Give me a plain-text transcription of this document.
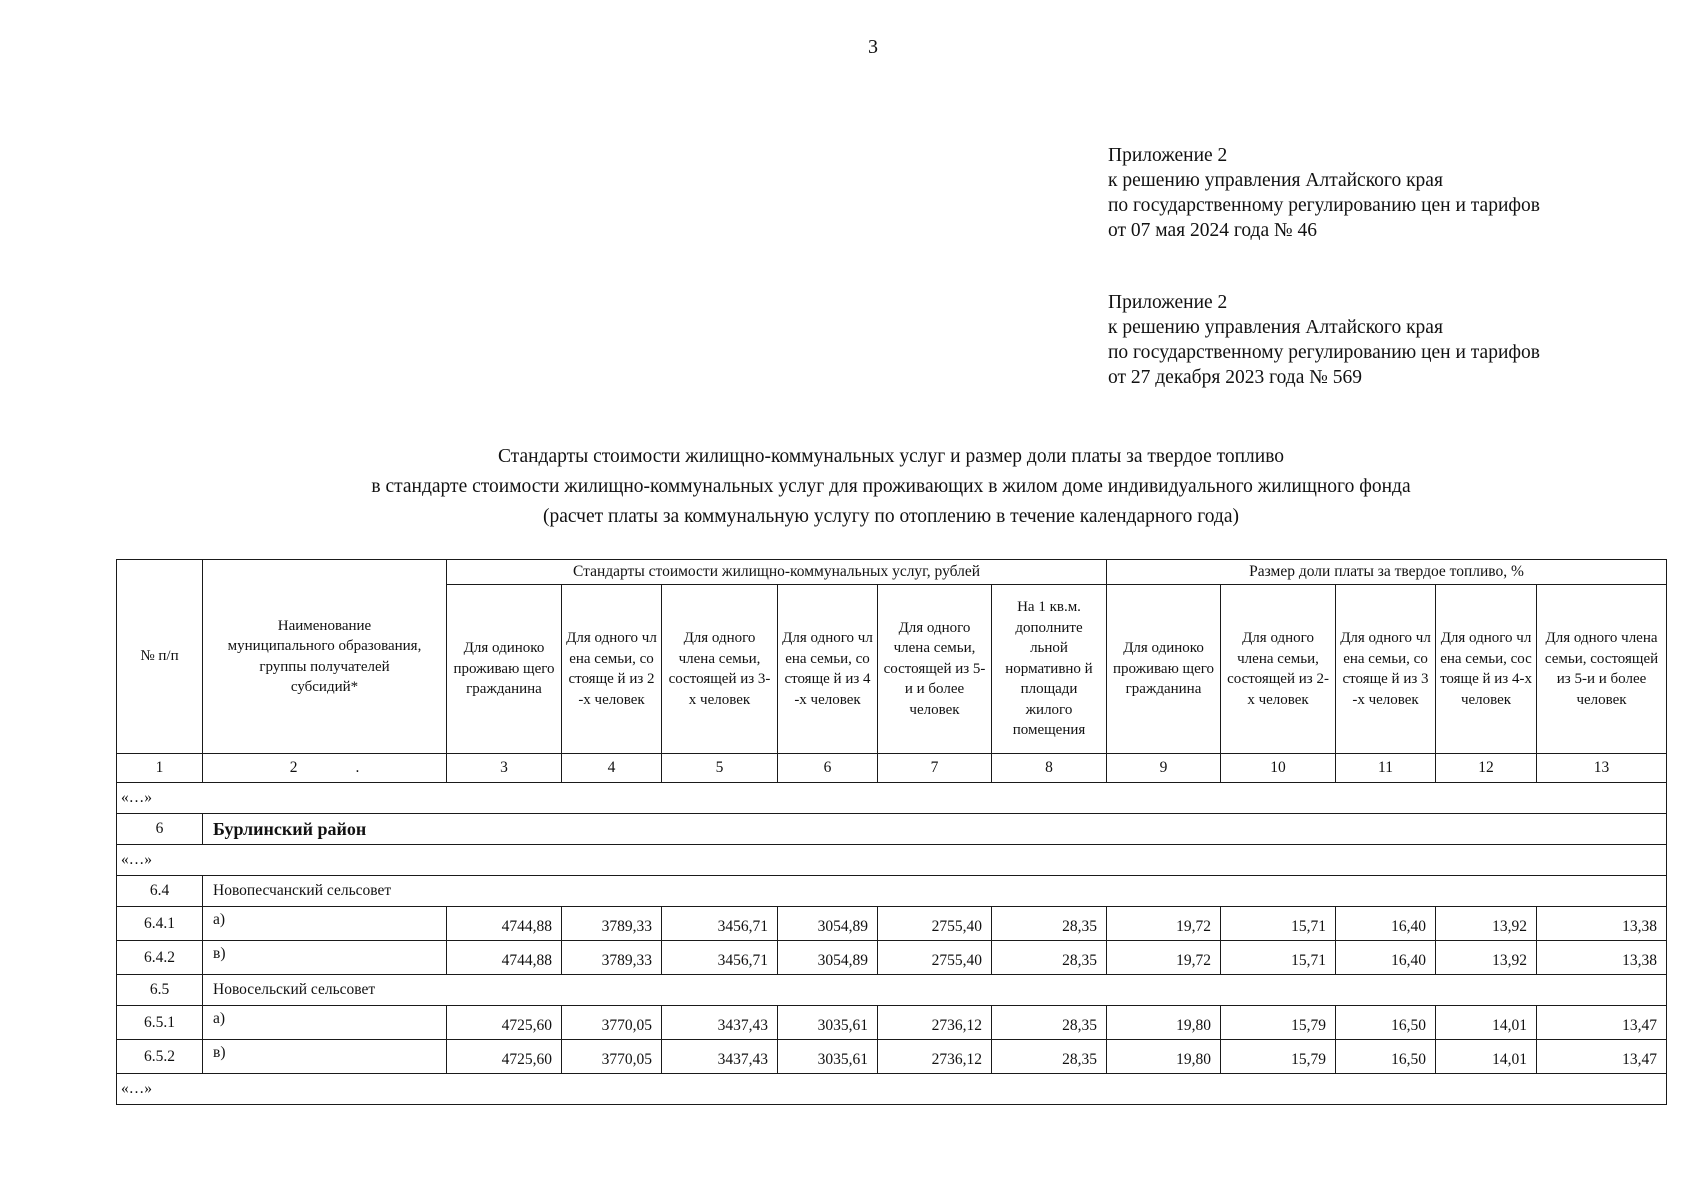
3
Приложение 2
к решению управления Алтайского края
по государственному регулированию цен и тарифов
от 07 мая 2024 года № 46
Приложение 2
к решению управления Алтайского края
по государственному регулированию цен и тарифов
от 27 декабря 2023 года № 569
Стандарты стоимости жилищно-коммунальных услуг и размер доли платы за твердое топливо
в стандарте стоимости жилищно-коммунальных услуг для проживающих в жилом доме индивидуального жилищного фонда
(расчет платы за коммунальную услугу по отоплению в течение календарного года)
№ п/п	Наименование муниципального образования, группы получателей субсидий*	Стандарты стоимости жилищно-коммунальных услуг, рублей						Размер доли платы за твердое топливо, %				
		Для одиноко проживаю щего гражданина	Для одного члена семьи, состояще й из 2-х человек	Для одного члена семьи, состоящей из 3-х человек	Для одного члена семьи, состояще й из 4-х человек	Для одного члена семьи, состоящей из 5-и и более человек	На 1 кв.м. дополните льной нормативно й площади жилого помещения	Для одиноко проживаю щего гражданина	Для одного члена семьи, состоящей из 2-х человек	Для одного члена семьи, состояще й из 3-х человек	Для одного члена семьи, состояще й из 4-х человек	Для одного члена семьи, состоящей из 5-и и более человек
1	2 .	3	4	5	6	7	8	9	10	11	12	13
«…»												
6	Бурлинский район											
«…»												
6.4	Новопесчанский сельсовет											
6.4.1	а)	4744,88	3789,33	3456,71	3054,89	2755,40	28,35	19,72	15,71	16,40	13,92	13,38
6.4.2	в)	4744,88	3789,33	3456,71	3054,89	2755,40	28,35	19,72	15,71	16,40	13,92	13,38
6.5	Новосельский сельсовет											
6.5.1	а)	4725,60	3770,05	3437,43	3035,61	2736,12	28,35	19,80	15,79	16,50	14,01	13,47
6.5.2	в)	4725,60	3770,05	3437,43	3035,61	2736,12	28,35	19,80	15,79	16,50	14,01	13,47
«…»												
